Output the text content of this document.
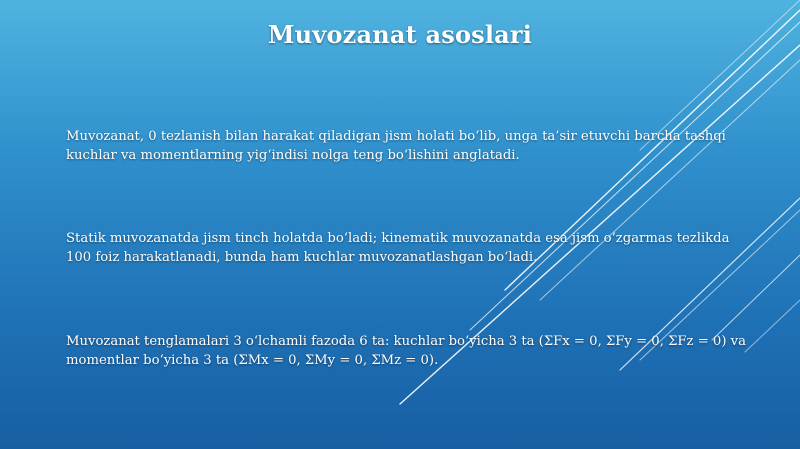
Muvozanat asoslari
Muvozanat, 0 tezlanish bilan harakat qiladigan jism holati bo‘lib, unga ta’sir etuvchi barcha tashqi kuchlar va momentlarning yig‘indisi nolga teng bo‘lishini anglatadi.
Statik muvozanatda jism tinch holatda bo‘ladi; kinematik muvozanatda esa jism o‘zgarmas tezlikda 100 foiz harakatlanadi, bunda ham kuchlar muvozanatlashgan bo‘ladi.
Muvozanat tenglamalari 3 o‘lchamli fazoda 6 ta: kuchlar bo‘yicha 3 ta (ΣFx = 0, ΣFy = 0, ΣFz = 0) va momentlar bo‘yicha 3 ta (ΣMx = 0, ΣMy = 0, ΣMz = 0).
